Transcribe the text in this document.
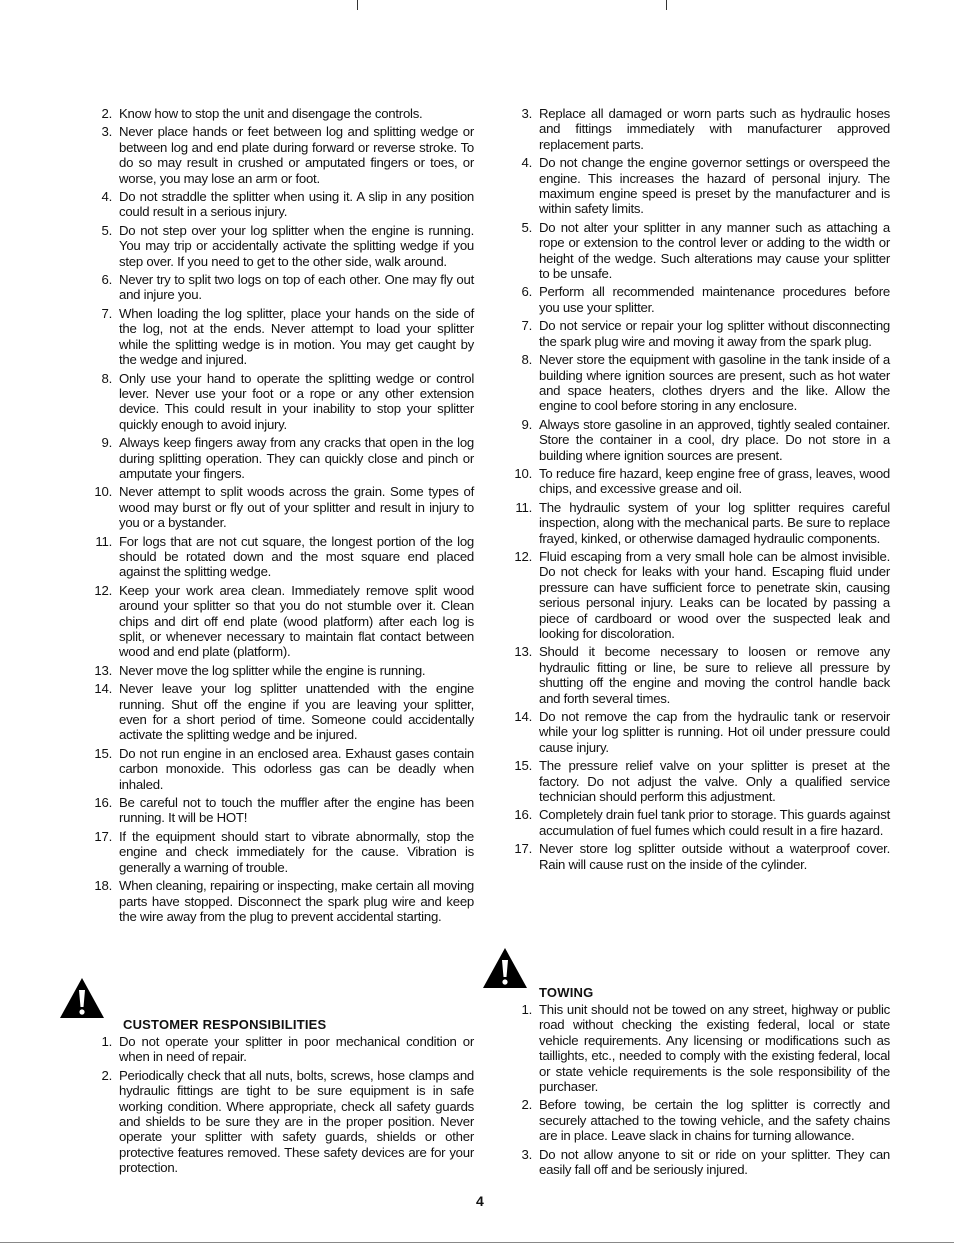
2. Know how to stop the unit and disengage the controls.
3. Never place hands or feet between log and splitting wedge or between log and end plate during forward or reverse stroke. To do so may result in crushed or amputated fingers or toes, or worse, you may lose an arm or foot.
4. Do not straddle the splitter when using it. A slip in any position could result in a serious injury.
5. Do not step over your log splitter when the engine is running. You may trip or accidentally activate the splitting wedge if you step over. If you need to get to the other side, walk around.
6. Never try to split two logs on top of each other. One may fly out and injure you.
7. When loading the log splitter, place your hands on the side of the log, not at the ends. Never attempt to load your splitter while the splitting wedge is in motion. You may get caught by the wedge and injured.
8. Only use your hand to operate the splitting wedge or control lever. Never use your foot or a rope or any other extension device. This could result in your inability to stop your splitter quickly enough to avoid injury.
9. Always keep fingers away from any cracks that open in the log during splitting operation. They can quickly close and pinch or amputate your fingers.
10. Never attempt to split woods across the grain. Some types of wood may burst or fly out of your splitter and result in injury to you or a bystander.
11. For logs that are not cut square, the longest portion of the log should be rotated down and the most square end placed against the splitting wedge.
12. Keep your work area clean. Immediately remove split wood around your splitter so that you do not stumble over it. Clean chips and dirt off end plate (wood platform) after each log is split, or whenever necessary to maintain flat contact between wood and end plate (platform).
13. Never move the log splitter while the engine is running.
14. Never leave your log splitter unattended with the engine running. Shut off the engine if you are leaving your splitter, even for a short period of time. Someone could accidentally activate the splitting wedge and be injured.
15. Do not run engine in an enclosed area. Exhaust gases contain carbon monoxide. This odorless gas can be deadly when inhaled.
16. Be careful not to touch the muffler after the engine has been running. It will be HOT!
17. If the equipment should start to vibrate abnormally, stop the engine and check immediately for the cause. Vibration is generally a warning of trouble.
18. When cleaning, repairing or inspecting, make certain all moving parts have stopped. Disconnect the spark plug wire and keep the wire away from the plug to prevent accidental starting.
3. Replace all damaged or worn parts such as hydraulic hoses and fittings immediately with manufacturer approved replacement parts.
4. Do not change the engine governor settings or overspeed the engine. This increases the hazard of personal injury. The maximum engine speed is preset by the manufacturer and is within safety limits.
5. Do not alter your splitter in any manner such as attaching a rope or extension to the control lever or adding to the width or height of the wedge. Such alterations may cause your splitter to be unsafe.
6. Perform all recommended maintenance procedures before you use your splitter.
7. Do not service or repair your log splitter without disconnecting the spark plug wire and moving it away from the spark plug.
8. Never store the equipment with gasoline in the tank inside of a building where ignition sources are present, such as hot water and space heaters, clothes dryers and the like. Allow the engine to cool before storing in any enclosure.
9. Always store gasoline in an approved, tightly sealed container. Store the container in a cool, dry place. Do not store in a building where ignition sources are present.
10. To reduce fire hazard, keep engine free of grass, leaves, wood chips, and excessive grease and oil.
11. The hydraulic system of your log splitter requires careful inspection, along with the mechanical parts. Be sure to replace frayed, kinked, or otherwise damaged hydraulic components.
12. Fluid escaping from a very small hole can be almost invisible. Do not check for leaks with your hand. Escaping fluid under pressure can have sufficient force to penetrate skin, causing serious personal injury. Leaks can be located by passing a piece of cardboard or wood over the suspected leak and looking for discoloration.
13. Should it become necessary to loosen or remove any hydraulic fitting or line, be sure to relieve all pressure by shutting off the engine and moving the control handle back and forth several times.
14. Do not remove the cap from the hydraulic tank or reservoir while your log splitter is running. Hot oil under pressure could cause injury.
15. The pressure relief valve on your splitter is preset at the factory. Do not adjust the valve. Only a qualified service technician should perform this adjustment.
16. Completely drain fuel tank prior to storage. This guards against accumulation of fuel fumes which could result in a fire hazard.
17. Never store log splitter outside without a waterproof cover. Rain will cause rust on the inside of the cylinder.
CUSTOMER RESPONSIBILITIES
1. Do not operate your splitter in poor mechanical condition or when in need of repair.
2. Periodically check that all nuts, bolts, screws, hose clamps and hydraulic fittings are tight to be sure equipment is in safe working condition. Where appropriate, check all safety guards and shields to be sure they are in the proper position. Never operate your splitter with safety guards, shields or other protective features removed. These safety devices are for your protection.
TOWING
1. This unit should not be towed on any street, highway or public road without checking the existing federal, local or state vehicle requirements. Any licensing or modifications such as taillights, etc., needed to comply with the existing federal, local or state vehicle requirements is the sole responsibility of the purchaser.
2. Before towing, be certain the log splitter is correctly and securely attached to the towing vehicle, and the safety chains are in place. Leave slack in chains for turning allowance.
3. Do not allow anyone to sit or ride on your splitter. They can easily fall off and be seriously injured.
4
